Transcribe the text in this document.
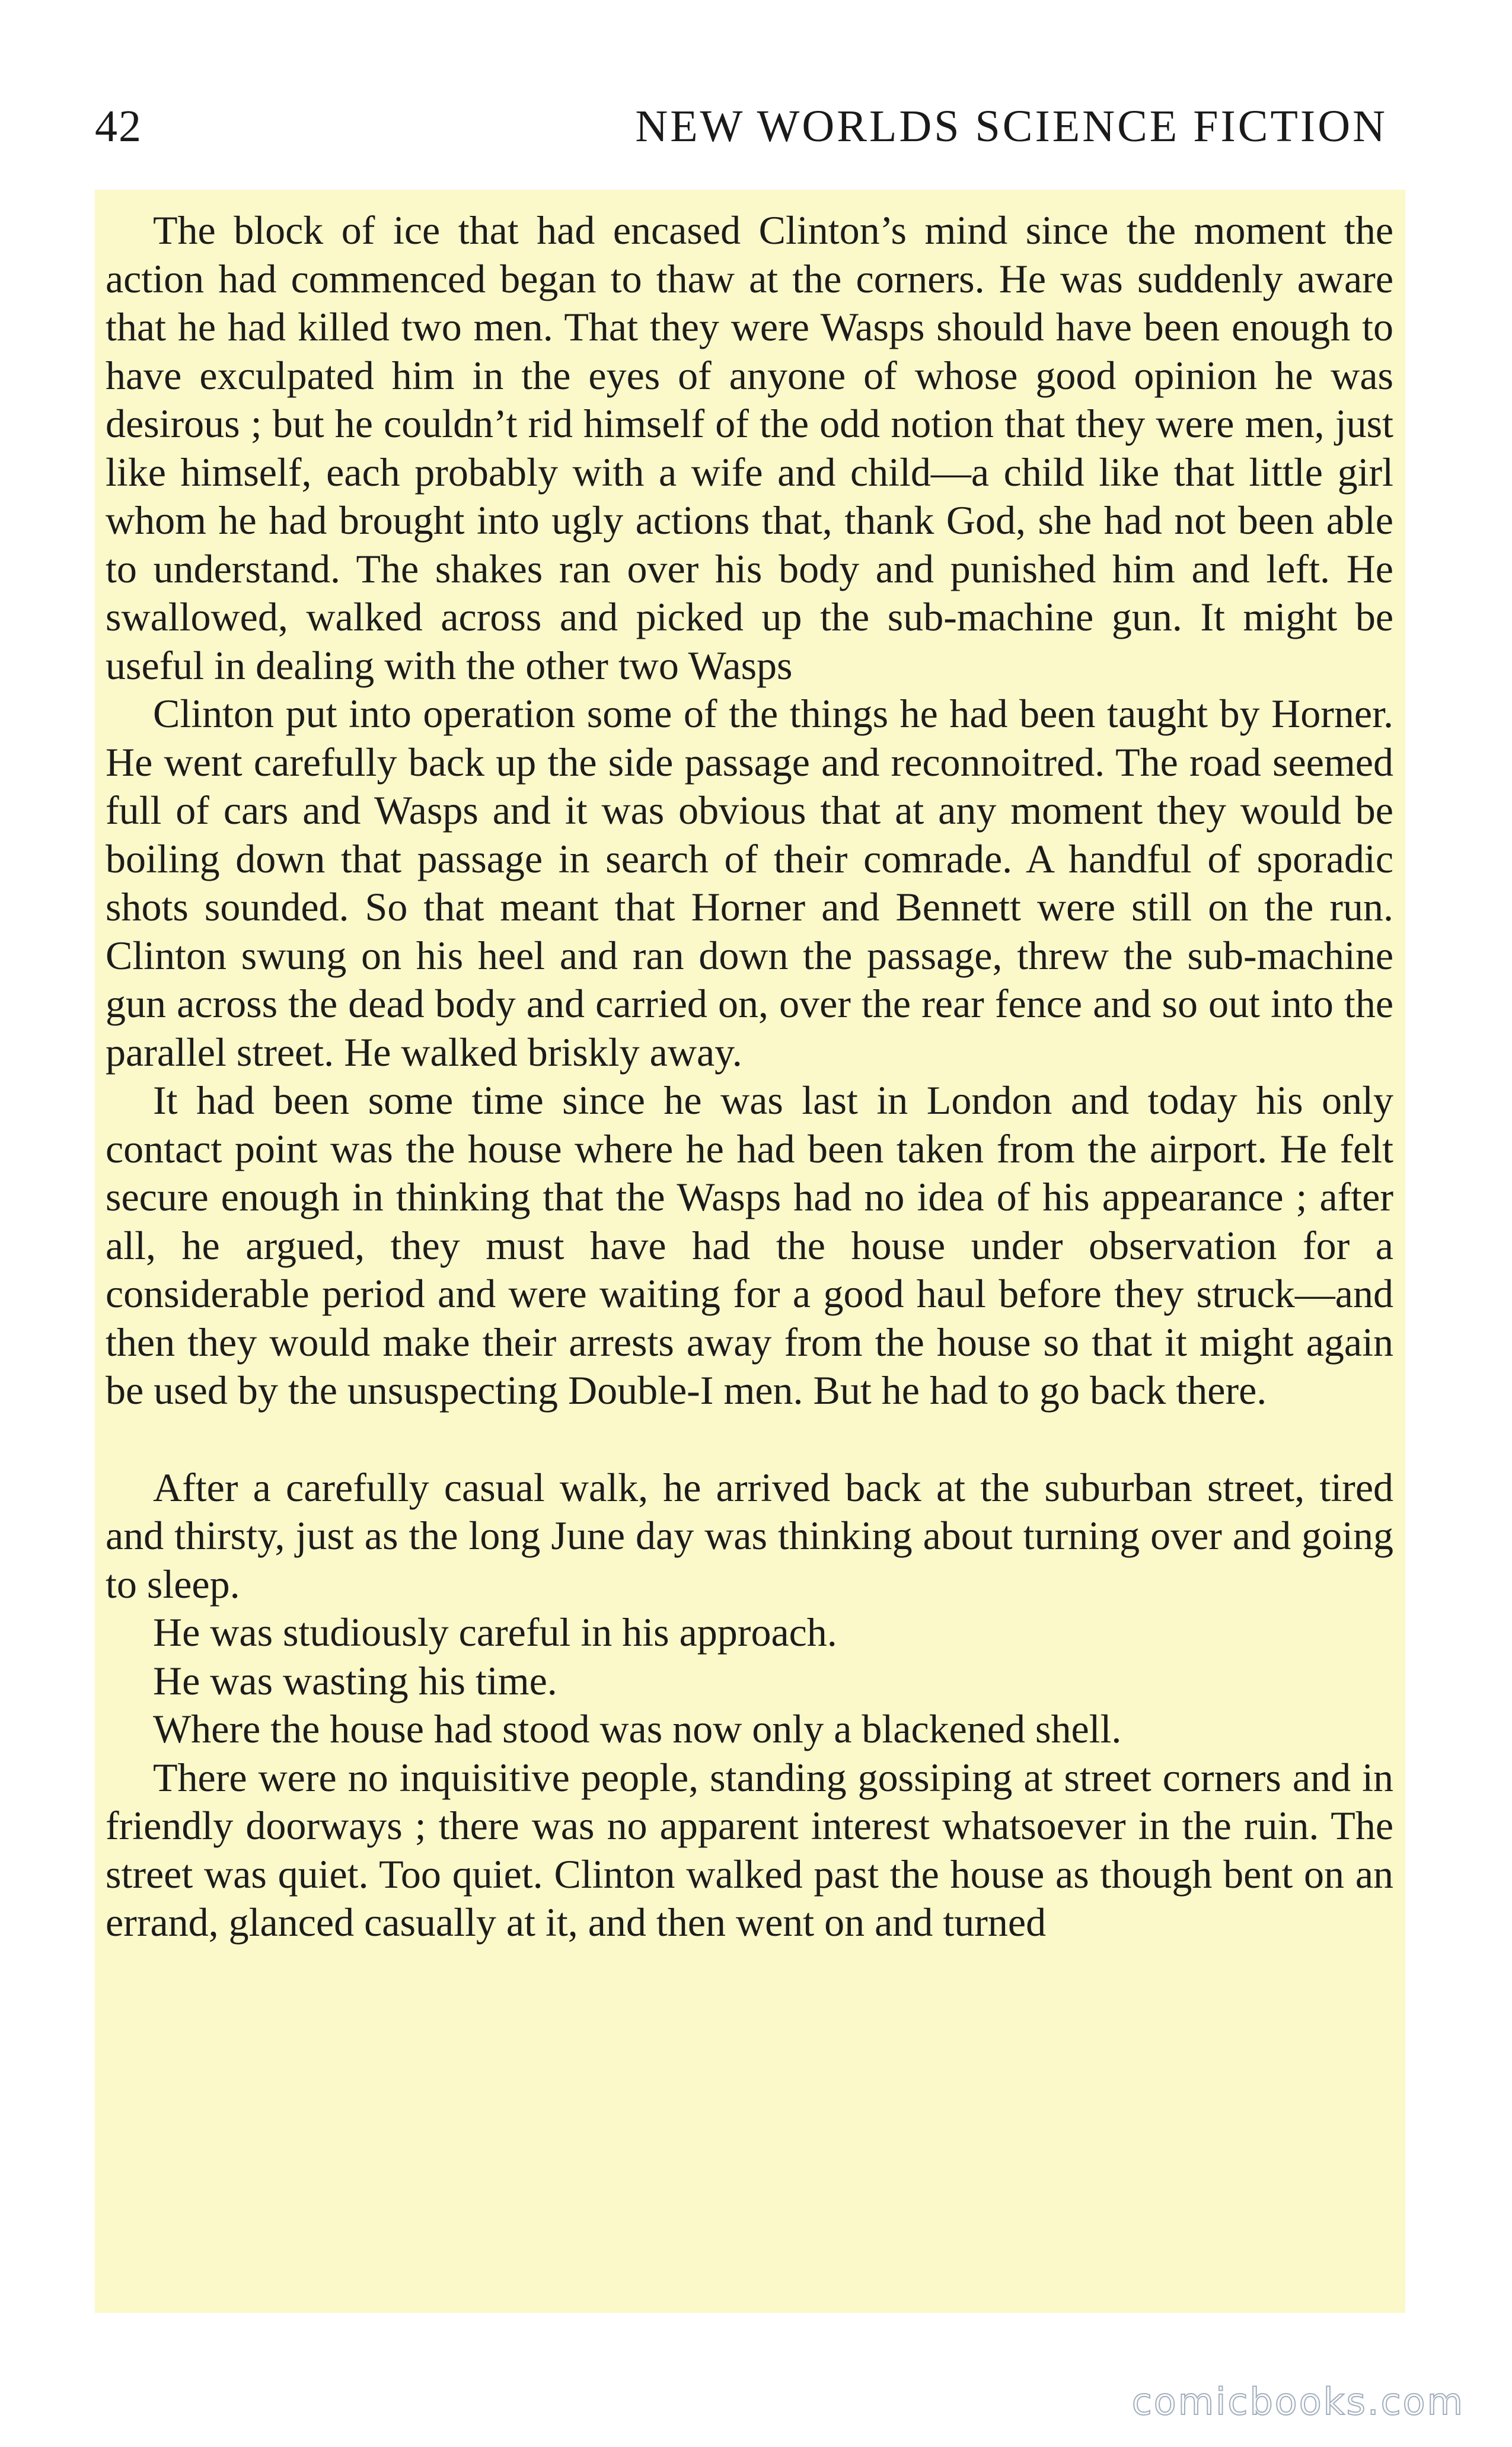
42	NEW WORLDS SCIENCE FICTION

The block of ice that had encased Clinton’s mind since the moment the action had commenced began to thaw at the corners. He was suddenly aware that he had killed two men. That they were Wasps should have been enough to have exculpated him in the eyes of anyone of whose good opinion he was desirous ; but he couldn’t rid himself of the odd notion that they were men, just like himself, each probably with a wife and child—a child like that little girl whom he had brought into ugly actions that, thank God, she had not been able to understand. The shakes ran over his body and punished him and left. He swallowed, walked across and picked up the sub-machine gun. It might be useful in dealing with the other two Wasps

Clinton put into operation some of the things he had been taught by Horner. He went carefully back up the side passage and reconnoitred. The road seemed full of cars and Wasps and it was obvious that at any moment they would be boiling down that passage in search of their comrade. A handful of sporadic shots sounded. So that meant that Horner and Bennett were still on the run. Clinton swung on his heel and ran down the passage, threw the sub-machine gun across the dead body and carried on, over the rear fence and so out into the parallel street. He walked briskly away.

It had been some time since he was last in London and today his only contact point was the house where he had been taken from the airport. He felt secure enough in thinking that the Wasps had no idea of his appearance ; after all, he argued, they must have had the house under observation for a considerable period and were waiting for a good haul before they struck—and then they would make their arrests away from the house so that it might again be used by the unsuspecting Double-I men. But he had to go back there.

After a carefully casual walk, he arrived back at the suburban street, tired and thirsty, just as the long June day was thinking about turning over and going to sleep.

He was studiously careful in his approach.

He was wasting his time.

Where the house had stood was now only a blackened shell.

There were no inquisitive people, standing gossiping at street corners and in friendly doorways ; there was no apparent interest whatsoever in the ruin. The street was quiet. Too quiet. Clinton walked past the house as though bent on an errand, glanced casually at it, and then went on and turned

comicbooks.com
